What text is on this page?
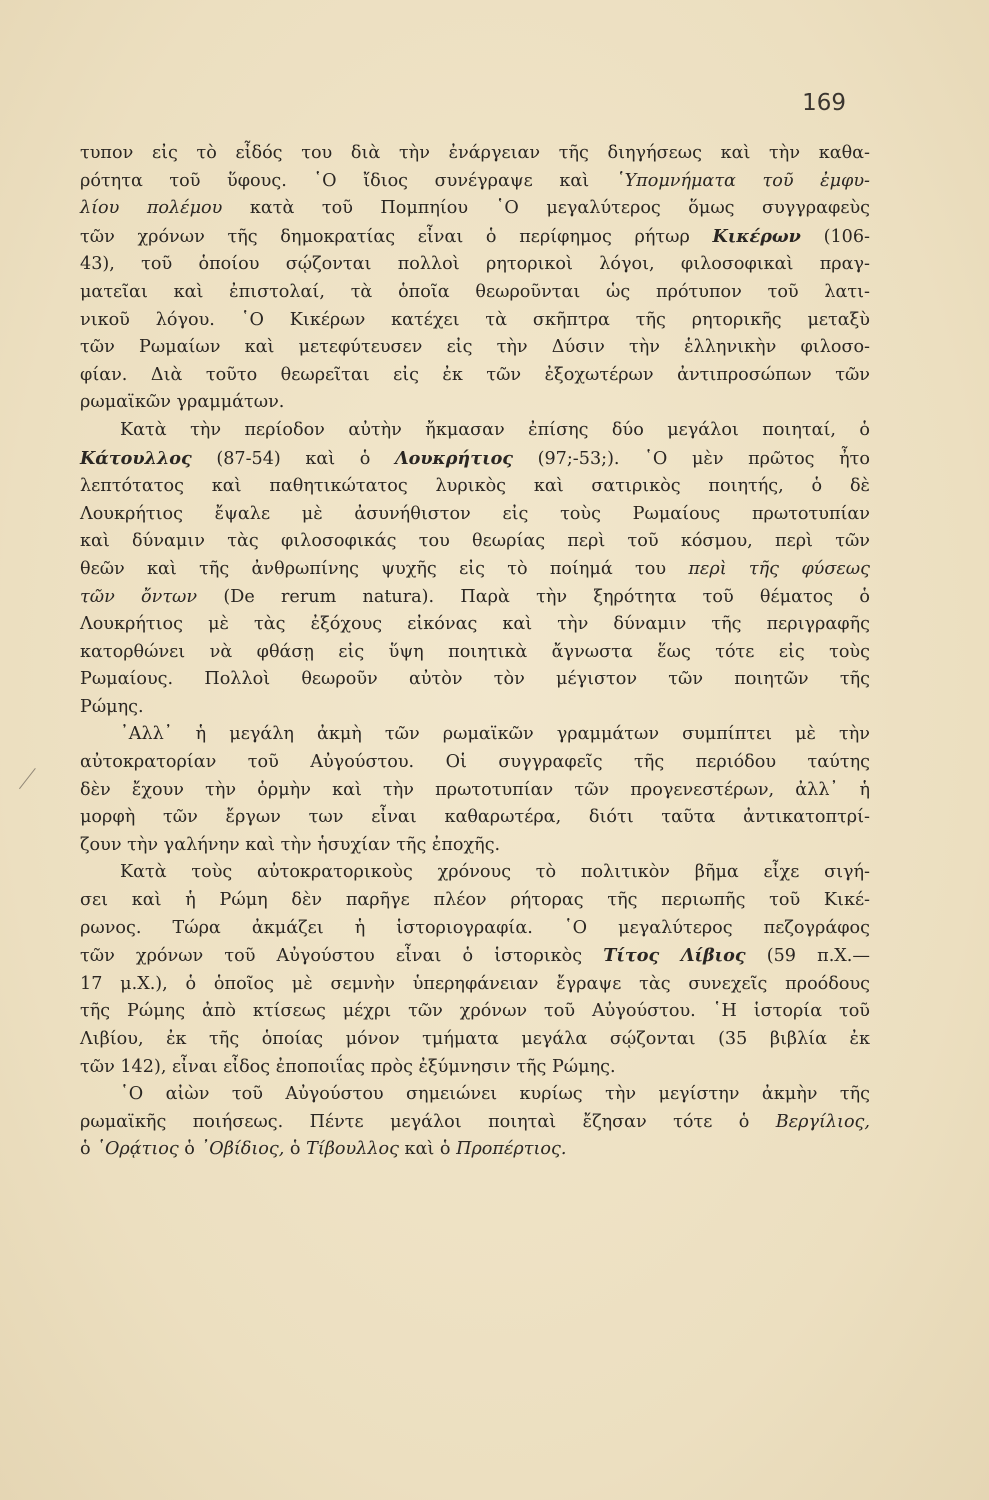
169
τυπον εἰς τὸ εἶδός του διὰ τὴν ἐνάργειαν τῆς διηγήσεως καὶ τὴν καθα-
ρότητα τοῦ ὕφους. ῾Ο ἴδιος συνέγραψε καὶ ῾Υπομνήματα τοῦ ἐμφυ-
λίου πολέμου κατὰ τοῦ Πομπηίου ῾Ο μεγαλύτερος ὅμως συγγραφεὺς
τῶν χρόνων τῆς δημοκρατίας εἶναι ὁ περίφημος ρήτωρ Κικέρων (106-
43), τοῦ ὁποίου σῴζονται πολλοὶ ρητορικοὶ λόγοι, φιλοσοφικαὶ πραγ-
ματεῖαι καὶ ἐπιστολαί, τὰ ὁποῖα θεωροῦνται ὡς πρότυπον τοῦ λατι-
νικοῦ λόγου. ῾Ο Κικέρων κατέχει τὰ σκῆπτρα τῆς ρητορικῆς μεταξὺ
τῶν Ρωμαίων καὶ μετεφύτευσεν εἰς τὴν Δύσιν τὴν ἑλληνικὴν φιλοσο-
φίαν. Διὰ τοῦτο θεωρεῖται εἰς ἐκ τῶν ἐξοχωτέρων ἀντιπροσώπων τῶν
ρωμαϊκῶν γραμμάτων.
Κατὰ τὴν περίοδον αὐτὴν ἤκμασαν ἐπίσης δύο μεγάλοι ποιηταί, ὁ
Κάτουλλος (87-54) καὶ ὁ Λουκρήτιος (97;-53;). ῾Ο μὲν πρῶτος ἦτο
λεπτότατος καὶ παθητικώτατος λυρικὸς καὶ σατιρικὸς ποιητής, ὁ δὲ
Λουκρήτιος ἔψαλε μὲ ἀσυνήθιστον εἰς τοὺς Ρωμαίους πρωτοτυπίαν
καὶ δύναμιν τὰς φιλοσοφικάς του θεωρίας περὶ τοῦ κόσμου, περὶ τῶν
θεῶν καὶ τῆς ἀνθρωπίνης ψυχῆς εἰς τὸ ποίημά του περὶ τῆς φύσεως
τῶν ὄντων (De rerum natura). Παρὰ τὴν ξηρότητα τοῦ θέματος ὁ
Λουκρήτιος μὲ τὰς ἐξόχους εἰκόνας καὶ τὴν δύναμιν τῆς περιγραφῆς
κατορθώνει νὰ φθάσῃ εἰς ὕψη ποιητικὰ ἄγνωστα ἕως τότε εἰς τοὺς
Ρωμαίους. Πολλοὶ θεωροῦν αὐτὸν τὸν μέγιστον τῶν ποιητῶν τῆς
Ρώμης.
᾿Αλλ᾿ ἡ μεγάλη ἀκμὴ τῶν ρωμαϊκῶν γραμμάτων συμπίπτει μὲ τὴν
αὐτοκρατορίαν τοῦ Αὐγούστου. Οἱ συγγραφεῖς τῆς περιόδου ταύτης
δὲν ἔχουν τὴν ὁρμὴν καὶ τὴν πρωτοτυπίαν τῶν προγενεστέρων, ἀλλ᾿ ἡ
μορφὴ τῶν ἔργων των εἶναι καθαρωτέρα, διότι ταῦτα ἀντικατοπτρί-
ζουν τὴν γαλήνην καὶ τὴν ἡσυχίαν τῆς ἐποχῆς.
Κατὰ τοὺς αὐτοκρατορικοὺς χρόνους τὸ πολιτικὸν βῆμα εἶχε σιγή-
σει καὶ ἡ Ρώμη δὲν παρῆγε πλέον ρήτορας τῆς περιωπῆς τοῦ Κικέ-
ρωνος. Τώρα ἀκμάζει ἡ ἱστοριογραφία. ῾Ο μεγαλύτερος πεζογράφος
τῶν χρόνων τοῦ Αὐγούστου εἶναι ὁ ἱστορικὸς Τίτος Λίβιος (59 π.Χ.—
17 μ.Χ.), ὁ ὁποῖος μὲ σεμνὴν ὑπερηφάνειαν ἔγραψε τὰς συνεχεῖς προόδους
τῆς Ρώμης ἀπὸ κτίσεως μέχρι τῶν χρόνων τοῦ Αὐγούστου. ῾Η ἱστορία τοῦ
Λιβίου, ἐκ τῆς ὁποίας μόνον τμήματα μεγάλα σῴζονται (35 βιβλία ἐκ
τῶν 142), εἶναι εἶδος ἐποποιΐας πρὸς ἐξύμνησιν τῆς Ρώμης.
῾Ο αἰὼν τοῦ Αὐγούστου σημειώνει κυρίως τὴν μεγίστην ἀκμὴν τῆς
ρωμαϊκῆς ποιήσεως. Πέντε μεγάλοι ποιηταὶ ἔζησαν τότε ὁ Βεργίλιος,
ὁ ῾Ορᾴτιος ὁ ᾿Οβίδιος, ὁ Τίβουλλος καὶ ὁ Προπέρτιος.
